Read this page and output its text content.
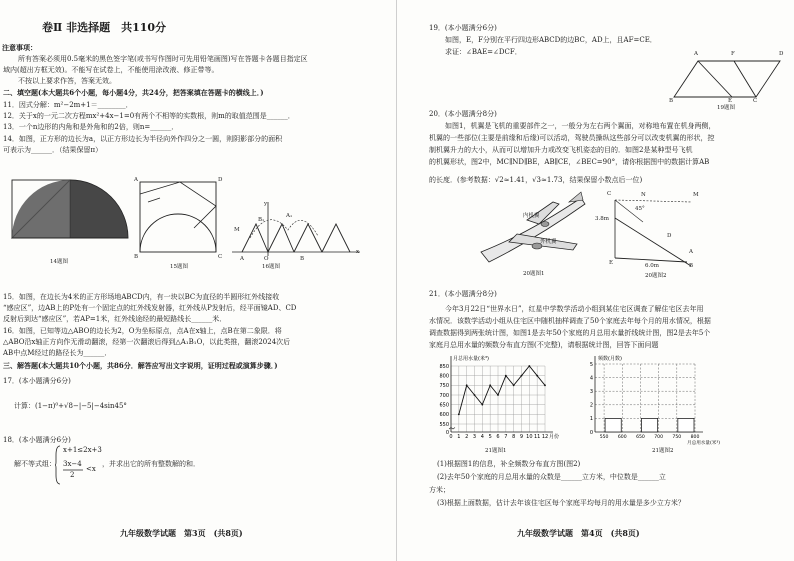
卷Ⅱ 非选择题　共110分
注意事项：
所有答案必须用0.5毫米的黑色签字笔(或书写作图时可先用铅笔画图)写在答题卡各题目指定区
域内(超出方框无效)。不能写在试卷上，不能使用涂改液、修正带等。
不按以上要求作答，答案无效。
二、填空题(本大题共6个小题，每小题4分，共24分，把答案填在答题卡的横线上．)
11．因式分解：m²−2m+1＝________．
12．关于x的一元二次方程mx²+4x−1=0有两个不相等的实数根，则m的取值范围是______．
13．一个n边形的内角和是外角和的2倍，则n=______．
14．如图，正方形的边长为a，以正方形边长为半径向外作四分之一圆，则阴影部分的面积
可表示为______．（结果保留π）
14题图
A	D
B	C
15题图
y
M
B₁
A₁
A	O	B
x
16题图
15．如图，在边长为4米的正方形场地ABCD内，有一块以BC为直径的半圆形红外线接收
“感应区”，边AB上的P处有一个固定点的红外线发射器，红外线从P发射后，经平面镜AD、CD
反射后到达“感应区”，若AP=1米，红外线途经的最短路线长______米．
16．如图，已知等边△ABO的边长为2，O为坐标原点，点A在x轴上，点B在第二象限．将
△ABO沿x轴正方向作无滑动翻滚，经第一次翻滚后得到△A₁B₁O，以此类推，翻滚2024次后
AB中点M经过的路径长为______．
三、解答题(本大题共10个小题，共86分．解答应写出文字说明，证明过程或演算步骤．)
17．(本小题满分6分)
计算：(1−π)⁰+√8−|−5|−4sin45°
18．(本小题满分6分)
解不等式组：
x+1≤2x+3
3x−4
2
<x
，并求出它的所有整数解的和．
九年级数学试题　第3页　(共8页)
19．(本小题满分6分)
如图，E，F分别在平行四边形ABCD的边BC，AD上，且AF=CE．
求证：∠BAE=∠DCF．	A	F	D
B	E	C
19题图
20．(本小题满分8分)
如图1，机翼是飞机的重要部件之一，一般分为左右两个翼面，对称地布置在机身两侧，
机翼的一些部位(主要是前缘和后缘)可以活动，驾驶员操纵这些部分可以改变机翼的形状，控
制机翼升力的大小，从而可以增加升力或改变飞机姿态的目的．如图2是某种型号飞机
的机翼形状，图2中，MC∥ND∥BE，AB∥CE，∠BEC=90°，请你根据图中的数据计算AB
的长度．(参考数据：√2≈1.41，√3≈1.73，结果保留小数点后一位)
内机翼
外机翼
20题图1
C	N	M
45°
3.8m
D
A
E	B
6.0m
20题图2
21．(本小题满分8分)
今年3月22日“世界水日”，红星中学数学活动小组到某住宅区调查了解住宅区去年用
水情况．该数学活动小组从住宅区中随机抽样调查了50个家庭去年每个月的用水情况，根据
调查数据得到两张统计图，如图1是去年50个家庭的月总用水量折线统计图，图2是去年5个
家庭月总用水量的频数分布直方图(不完整)，请根据统计图，回答下面问题
850
800
750
700
650
600
550
0
0 1 2 3 4 5 6 7 8 9 10 11 12
月总用水量(米³)
月份
21题图1
5
4
3
2
1
0
550 600 650 700 750 800
频数(月数)
月总用水量(米³)
21题图2
(1)根据图1的信息，补全频数分布直方图(图2)
(2)去年50个家庭的月总用水量的众数是______立方米，中位数是______立
方米；
(3)根据上面数据，估计去年该住宅区每个家庭平均每月的用水量是多少立方米？
九年级数学试题　第4页　(共8页)
